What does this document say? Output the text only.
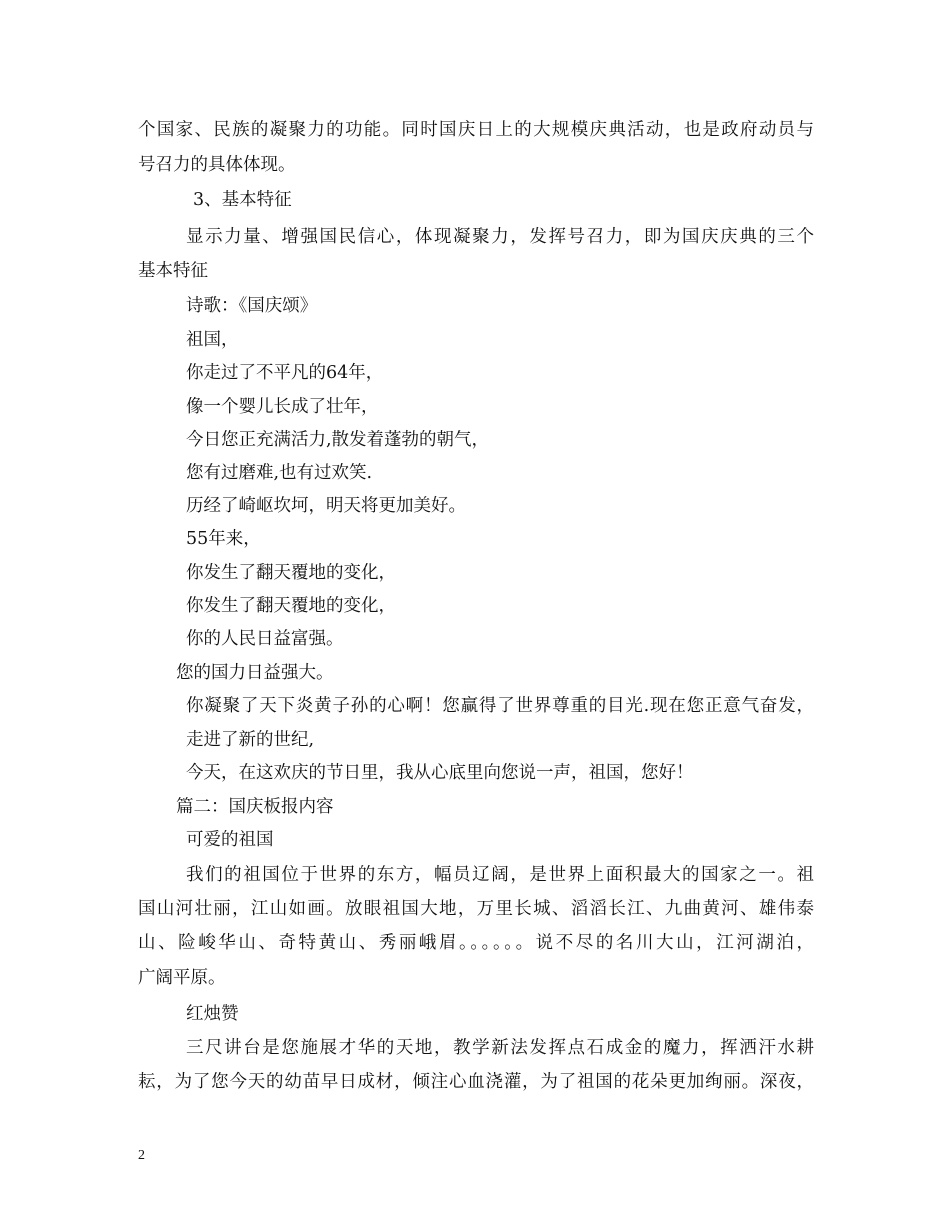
个国家、民族的凝聚力的功能。同时国庆日上的大规模庆典活动，也是政府动员与
号召力的具体体现。
3、基本特征
显示力量、增强国民信心，体现凝聚力，发挥号召力，即为国庆庆典的三个
基本特征
诗歌：《国庆颂》
祖国，
你走过了不平凡的64年，
像一个婴儿长成了壮年，
今日您正充满活力,散发着蓬勃的朝气，
您有过磨难,也有过欢笑.
历经了崎岖坎坷，明天将更加美好。
55年来，
你发生了翻天覆地的变化，
你发生了翻天覆地的变化，
你的人民日益富强。
您的国力日益强大。
你凝聚了天下炎黄子孙的心啊！您赢得了世界尊重的目光.现在您正意气奋发，
走进了新的世纪,
今天，在这欢庆的节日里，我从心底里向您说一声，祖国，您好！
篇二：国庆板报内容
可爱的祖国
我们的祖国位于世界的东方，幅员辽阔，是世界上面积最大的国家之一。祖
国山河壮丽，江山如画。放眼祖国大地，万里长城、滔滔长江、九曲黄河、雄伟泰
山、险峻华山、奇特黄山、秀丽峨眉。。。。。。说不尽的名川大山，江河湖泊，
广阔平原。
红烛赞
三尺讲台是您施展才华的天地，教学新法发挥点石成金的魔力，挥洒汗水耕
耘，为了您今天的幼苗早日成材，倾注心血浇灌，为了祖国的花朵更加绚丽。深夜，
2
